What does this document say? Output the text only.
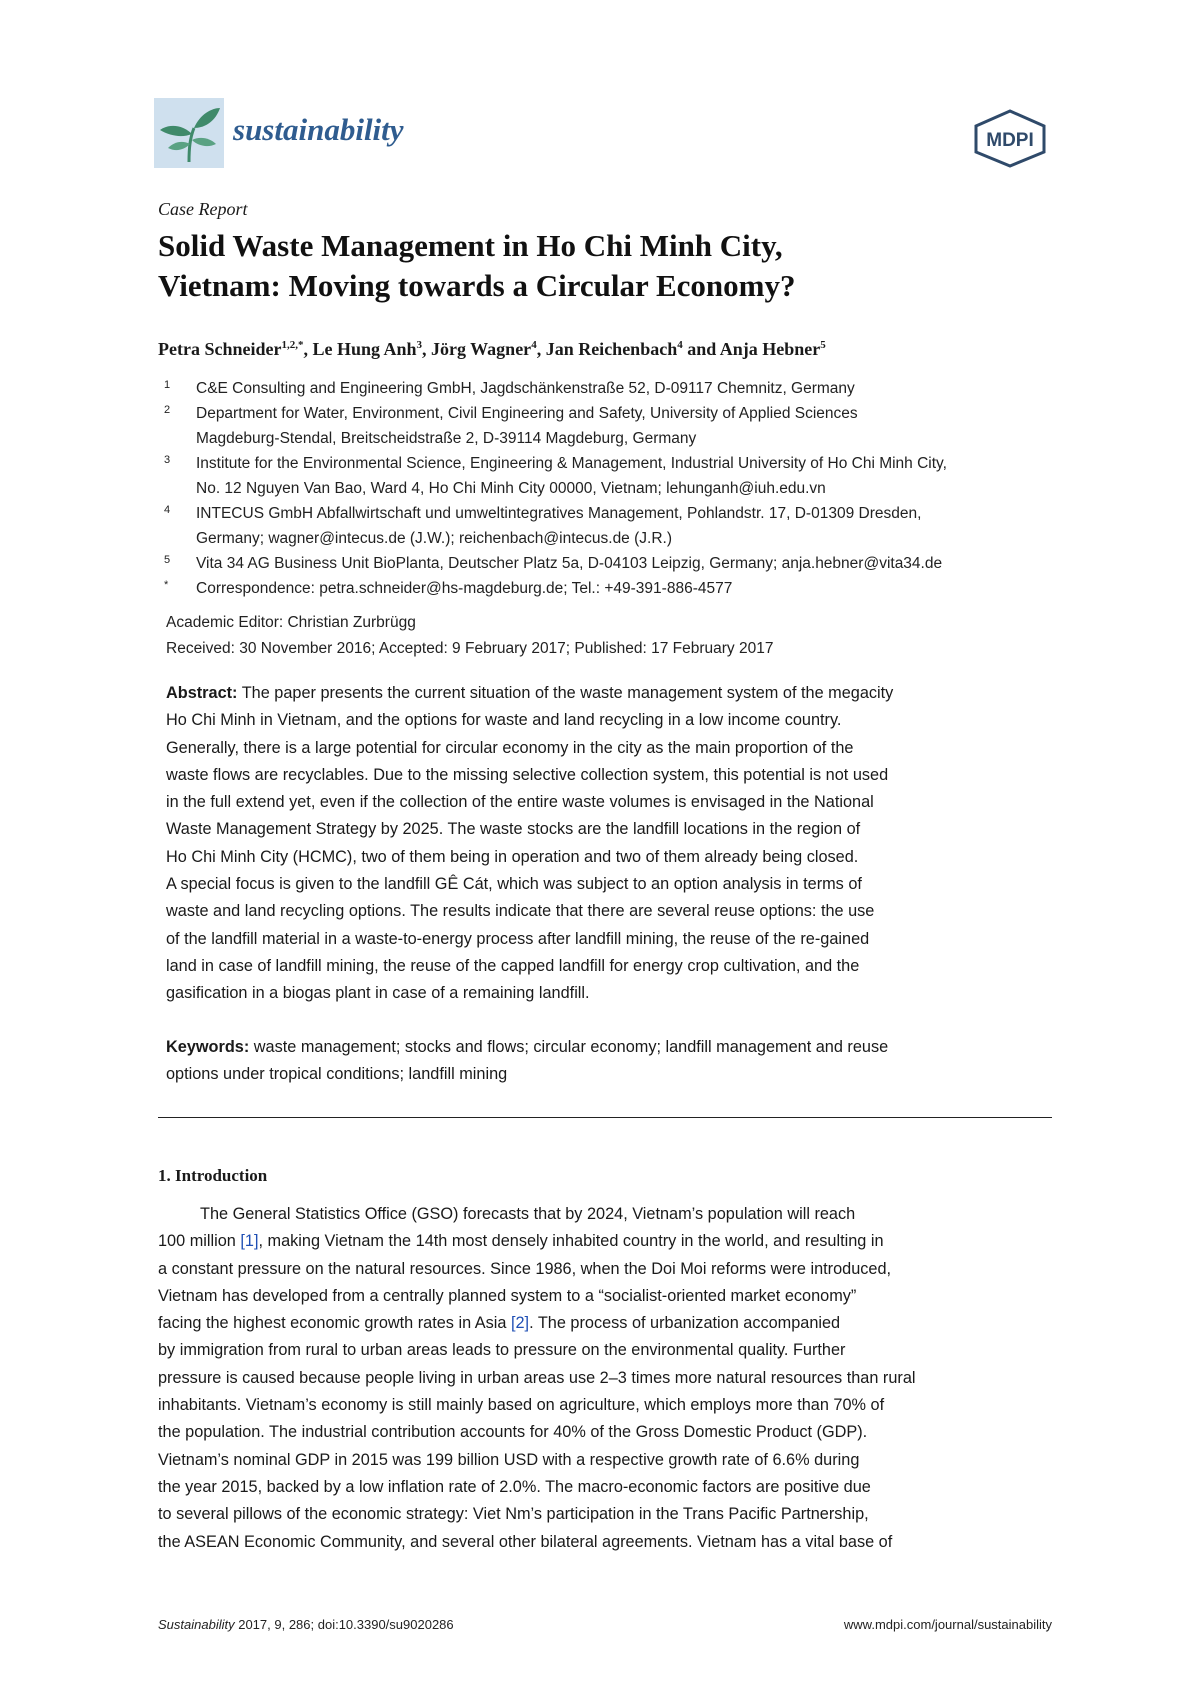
sustainability	MDPI
Case Report
Solid Waste Management in Ho Chi Minh City,
Vietnam: Moving towards a Circular Economy?
Petra Schneider$^{1,2,*}$, Le Hung Anh$^3$, Jörg Wagner$^4$, Jan Reichenbach$^4$ and Anja Hebner$^5$
1 C&E Consulting and Engineering GmbH, Jagdschänkenstraße 52, D-09117 Chemnitz, Germany
2 Department for Water, Environment, Civil Engineering and Safety, University of Applied Sciences
Magdeburg-Stendal, Breitscheidstraße 2, D-39114 Magdeburg, Germany
3 Institute for the Environmental Science, Engineering & Management, Industrial University of Ho Chi Minh City,
No. 12 Nguyen Van Bao, Ward 4, Ho Chi Minh City 00000, Vietnam; lehunganh@iuh.edu.vn
4 INTECUS GmbH Abfallwirtschaft und umweltintegratives Management, Pohlandstr. 17, D-01309 Dresden,
Germany; wagner@intecus.de (J.W.); reichenbach@intecus.de (J.R.)
5 Vita 34 AG Business Unit BioPlanta, Deutscher Platz 5a, D-04103 Leipzig, Germany; anja.hebner@vita34.de
* Correspondence: petra.schneider@hs-magdeburg.de; Tel.: +49-391-886-4577
Academic Editor: Christian Zurbrügg
Received: 30 November 2016; Accepted: 9 February 2017; Published: 17 February 2017
Abstract: The paper presents the current situation of the waste management system of the megacity
Ho Chi Minh in Vietnam, and the options for waste and land recycling in a low income country.
Generally, there is a large potential for circular economy in the city as the main proportion of the
waste flows are recyclables. Due to the missing selective collection system, this potential is not used
in the full extend yet, even if the collection of the entire waste volumes is envisaged in the National
Waste Management Strategy by 2025. The waste stocks are the landfill locations in the region of
Ho Chi Minh City (HCMC), two of them being in operation and two of them already being closed.
A special focus is given to the landfill GÊ Cát, which was subject to an option analysis in terms of
waste and land recycling options. The results indicate that there are several reuse options: the use
of the landfill material in a waste-to-energy process after landfill mining, the reuse of the re-gained
land in case of landfill mining, the reuse of the capped landfill for energy crop cultivation, and the
gasification in a biogas plant in case of a remaining landfill.
Keywords: waste management; stocks and flows; circular economy; landfill management and reuse
options under tropical conditions; landfill mining
1. Introduction
The General Statistics Office (GSO) forecasts that by 2024, Vietnam’s population will reach
100 million [1], making Vietnam the 14th most densely inhabited country in the world, and resulting in
a constant pressure on the natural resources. Since 1986, when the Doi Moi reforms were introduced,
Vietnam has developed from a centrally planned system to a “socialist-oriented market economy”
facing the highest economic growth rates in Asia [2]. The process of urbanization accompanied
by immigration from rural to urban areas leads to pressure on the environmental quality. Further
pressure is caused because people living in urban areas use 2–3 times more natural resources than rural
inhabitants. Vietnam’s economy is still mainly based on agriculture, which employs more than 70% of
the population. The industrial contribution accounts for 40% of the Gross Domestic Product (GDP).
Vietnam’s nominal GDP in 2015 was 199 billion USD with a respective growth rate of 6.6% during
the year 2015, backed by a low inflation rate of 2.0%. The macro-economic factors are positive due
to several pillows of the economic strategy: Viet Nm’s participation in the Trans Pacific Partnership,
the ASEAN Economic Community, and several other bilateral agreements. Vietnam has a vital base of
Sustainability 2017, 9, 286; doi:10.3390/su9020286	www.mdpi.com/journal/sustainability
